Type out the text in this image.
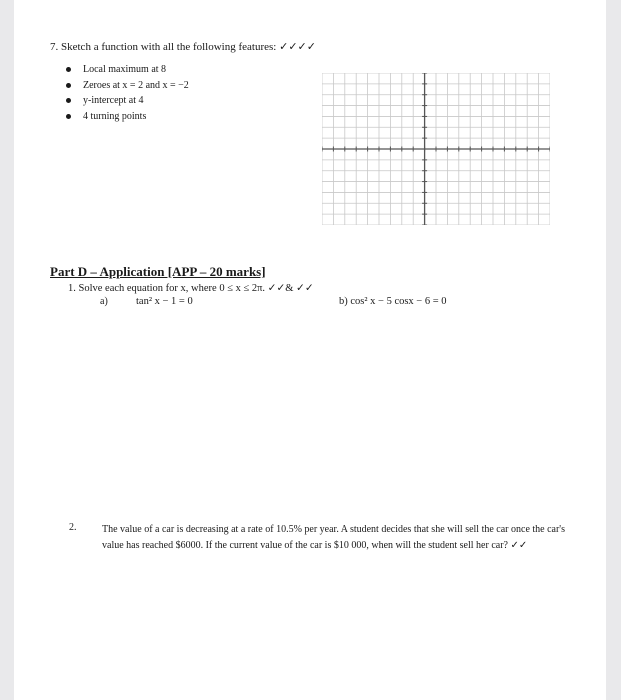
7. Sketch a function with all the following features: ✓✓✓✓
Local maximum at 8
Zeroes at x = 2 and x = −2
y-intercept at 4
4 turning points
Part D – Application [APP – 20 marks]
1. Solve each equation for x, where 0 ≤ x ≤ 2π. ✓✓& ✓✓
a)	tan² x − 1 = 0	b) cos² x − 5 cosx − 6 = 0
2.	The value of a car is decreasing at a rate of 10.5% per year. A student decides that she will sell the car once the car's value has reached $6000. If the current value of the car is $10 000, when will the student sell her car? ✓✓
